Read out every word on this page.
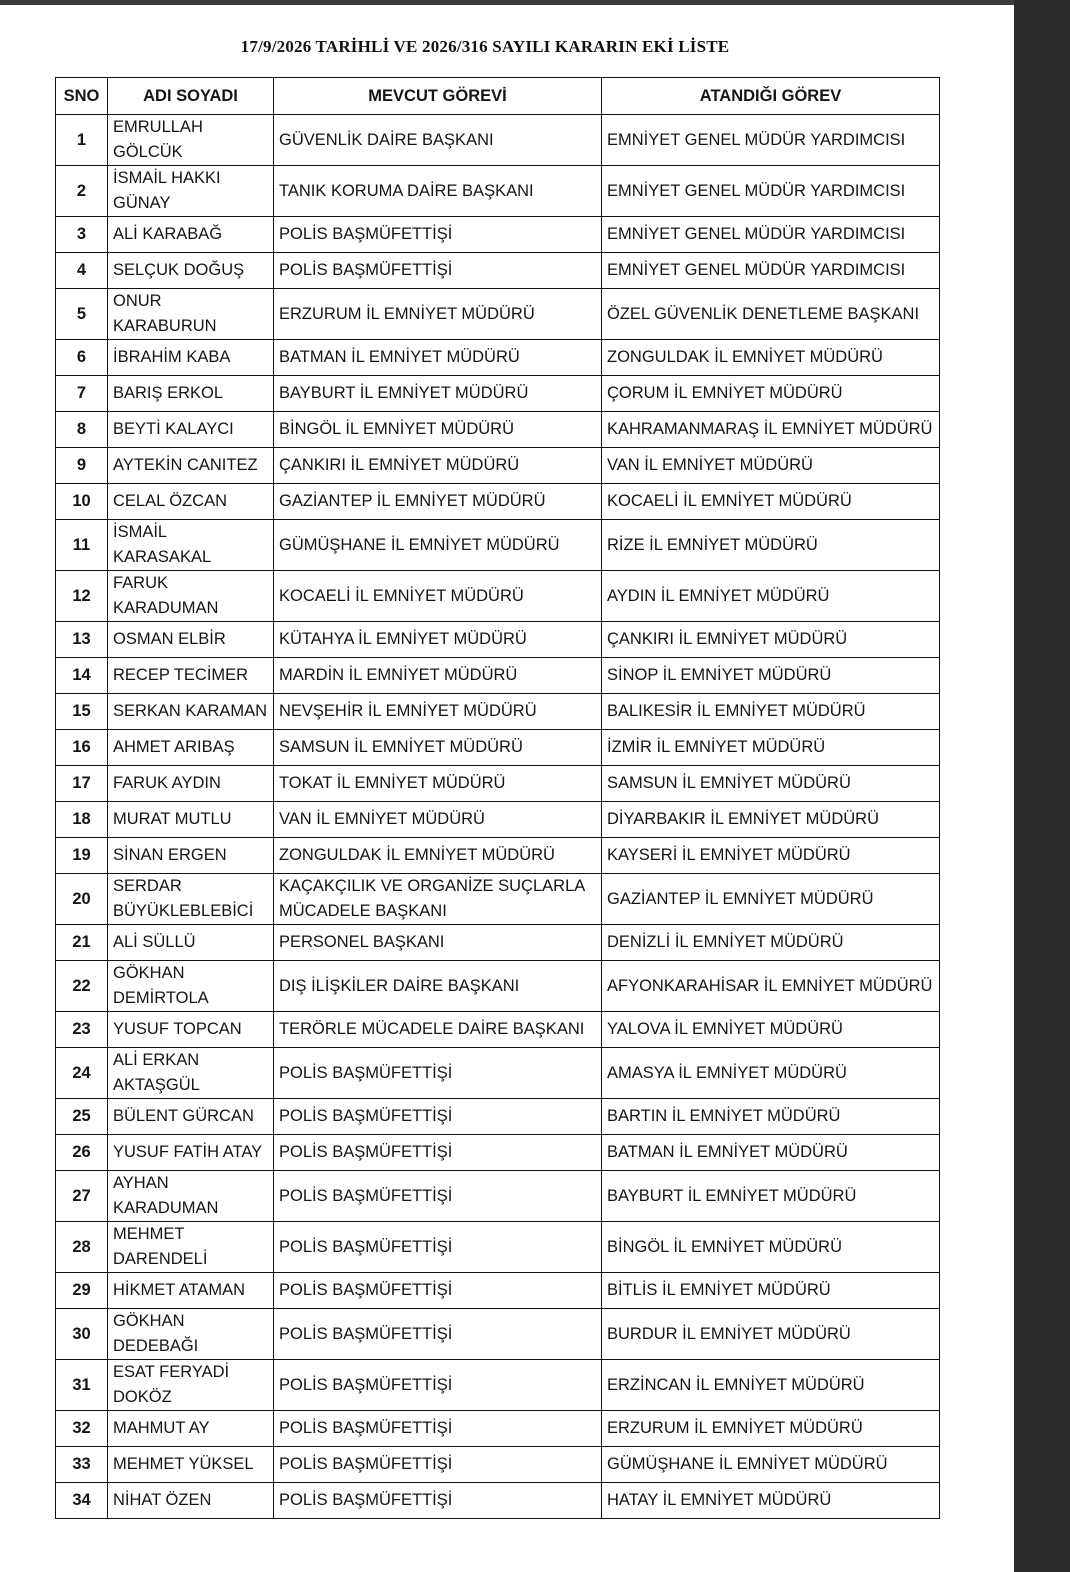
17/9/2026 TARİHLİ VE 2026/316 SAYILI KARARIN EKİ LİSTE
SNO	ADI SOYADI	MEVCUT GÖREVİ	ATANDIĞI GÖREV
1	EMRULLAH GÖLCÜK	GÜVENLİK DAİRE BAŞKANI	EMNİYET GENEL MÜDÜR YARDIMCISI
2	İSMAİL HAKKI GÜNAY	TANIK KORUMA DAİRE BAŞKANI	EMNİYET GENEL MÜDÜR YARDIMCISI
3	ALİ KARABAĞ	POLİS BAŞMÜFETTİŞİ	EMNİYET GENEL MÜDÜR YARDIMCISI
4	SELÇUK DOĞUŞ	POLİS BAŞMÜFETTİŞİ	EMNİYET GENEL MÜDÜR YARDIMCISI
5	ONUR KARABURUN	ERZURUM İL EMNİYET MÜDÜRÜ	ÖZEL GÜVENLİK DENETLEME BAŞKANI
6	İBRAHİM KABA	BATMAN İL EMNİYET MÜDÜRÜ	ZONGULDAK İL EMNİYET MÜDÜRÜ
7	BARIŞ ERKOL	BAYBURT İL EMNİYET MÜDÜRÜ	ÇORUM İL EMNİYET MÜDÜRÜ
8	BEYTİ KALAYCI	BİNGÖL İL EMNİYET MÜDÜRÜ	KAHRAMANMARAŞ İL EMNİYET MÜDÜRÜ
9	AYTEKİN CANITEZ	ÇANKIRI İL EMNİYET MÜDÜRÜ	VAN İL EMNİYET MÜDÜRÜ
10	CELAL ÖZCAN	GAZİANTEP İL EMNİYET MÜDÜRÜ	KOCAELİ İL EMNİYET MÜDÜRÜ
11	İSMAİL KARASAKAL	GÜMÜŞHANE İL EMNİYET MÜDÜRÜ	RİZE İL EMNİYET MÜDÜRÜ
12	FARUK KARADUMAN	KOCAELİ İL EMNİYET MÜDÜRÜ	AYDIN İL EMNİYET MÜDÜRÜ
13	OSMAN ELBİR	KÜTAHYA İL EMNİYET MÜDÜRÜ	ÇANKIRI İL EMNİYET MÜDÜRÜ
14	RECEP TECİMER	MARDİN İL EMNİYET MÜDÜRÜ	SİNOP İL EMNİYET MÜDÜRÜ
15	SERKAN KARAMAN	NEVŞEHİR İL EMNİYET MÜDÜRÜ	BALIKESİR İL EMNİYET MÜDÜRÜ
16	AHMET ARIBAŞ	SAMSUN İL EMNİYET MÜDÜRÜ	İZMİR İL EMNİYET MÜDÜRÜ
17	FARUK AYDIN	TOKAT İL EMNİYET MÜDÜRÜ	SAMSUN İL EMNİYET MÜDÜRÜ
18	MURAT MUTLU	VAN İL EMNİYET MÜDÜRÜ	DİYARBAKIR İL EMNİYET MÜDÜRÜ
19	SİNAN ERGEN	ZONGULDAK İL EMNİYET MÜDÜRÜ	KAYSERİ İL EMNİYET MÜDÜRÜ
20	SERDAR BÜYÜKLEBLEBİCİ	KAÇAKÇILIK VE ORGANİZE SUÇLARLA MÜCADELE BAŞKANI	GAZİANTEP İL EMNİYET MÜDÜRÜ
21	ALİ SÜLLÜ	PERSONEL BAŞKANI	DENİZLİ İL EMNİYET MÜDÜRÜ
22	GÖKHAN DEMİRTOLA	DIŞ İLİŞKİLER DAİRE BAŞKANI	AFYONKARAHİSAR İL EMNİYET MÜDÜRÜ
23	YUSUF TOPCAN	TERÖRLE MÜCADELE DAİRE BAŞKANI	YALOVA İL EMNİYET MÜDÜRÜ
24	ALİ ERKAN AKTAŞGÜL	POLİS BAŞMÜFETTİŞİ	AMASYA İL EMNİYET MÜDÜRÜ
25	BÜLENT GÜRCAN	POLİS BAŞMÜFETTİŞİ	BARTIN İL EMNİYET MÜDÜRÜ
26	YUSUF FATİH ATAY	POLİS BAŞMÜFETTİŞİ	BATMAN İL EMNİYET MÜDÜRÜ
27	AYHAN KARADUMAN	POLİS BAŞMÜFETTİŞİ	BAYBURT İL EMNİYET MÜDÜRÜ
28	MEHMET DARENDELİ	POLİS BAŞMÜFETTİŞİ	BİNGÖL İL EMNİYET MÜDÜRÜ
29	HİKMET ATAMAN	POLİS BAŞMÜFETTİŞİ	BİTLİS İL EMNİYET MÜDÜRÜ
30	GÖKHAN DEDEBAĞI	POLİS BAŞMÜFETTİŞİ	BURDUR İL EMNİYET MÜDÜRÜ
31	ESAT FERYADİ DOKÖZ	POLİS BAŞMÜFETTİŞİ	ERZİNCAN İL EMNİYET MÜDÜRÜ
32	MAHMUT AY	POLİS BAŞMÜFETTİŞİ	ERZURUM İL EMNİYET MÜDÜRÜ
33	MEHMET YÜKSEL	POLİS BAŞMÜFETTİŞİ	GÜMÜŞHANE İL EMNİYET MÜDÜRÜ
34	NİHAT ÖZEN	POLİS BAŞMÜFETTİŞİ	HATAY İL EMNİYET MÜDÜRÜ
